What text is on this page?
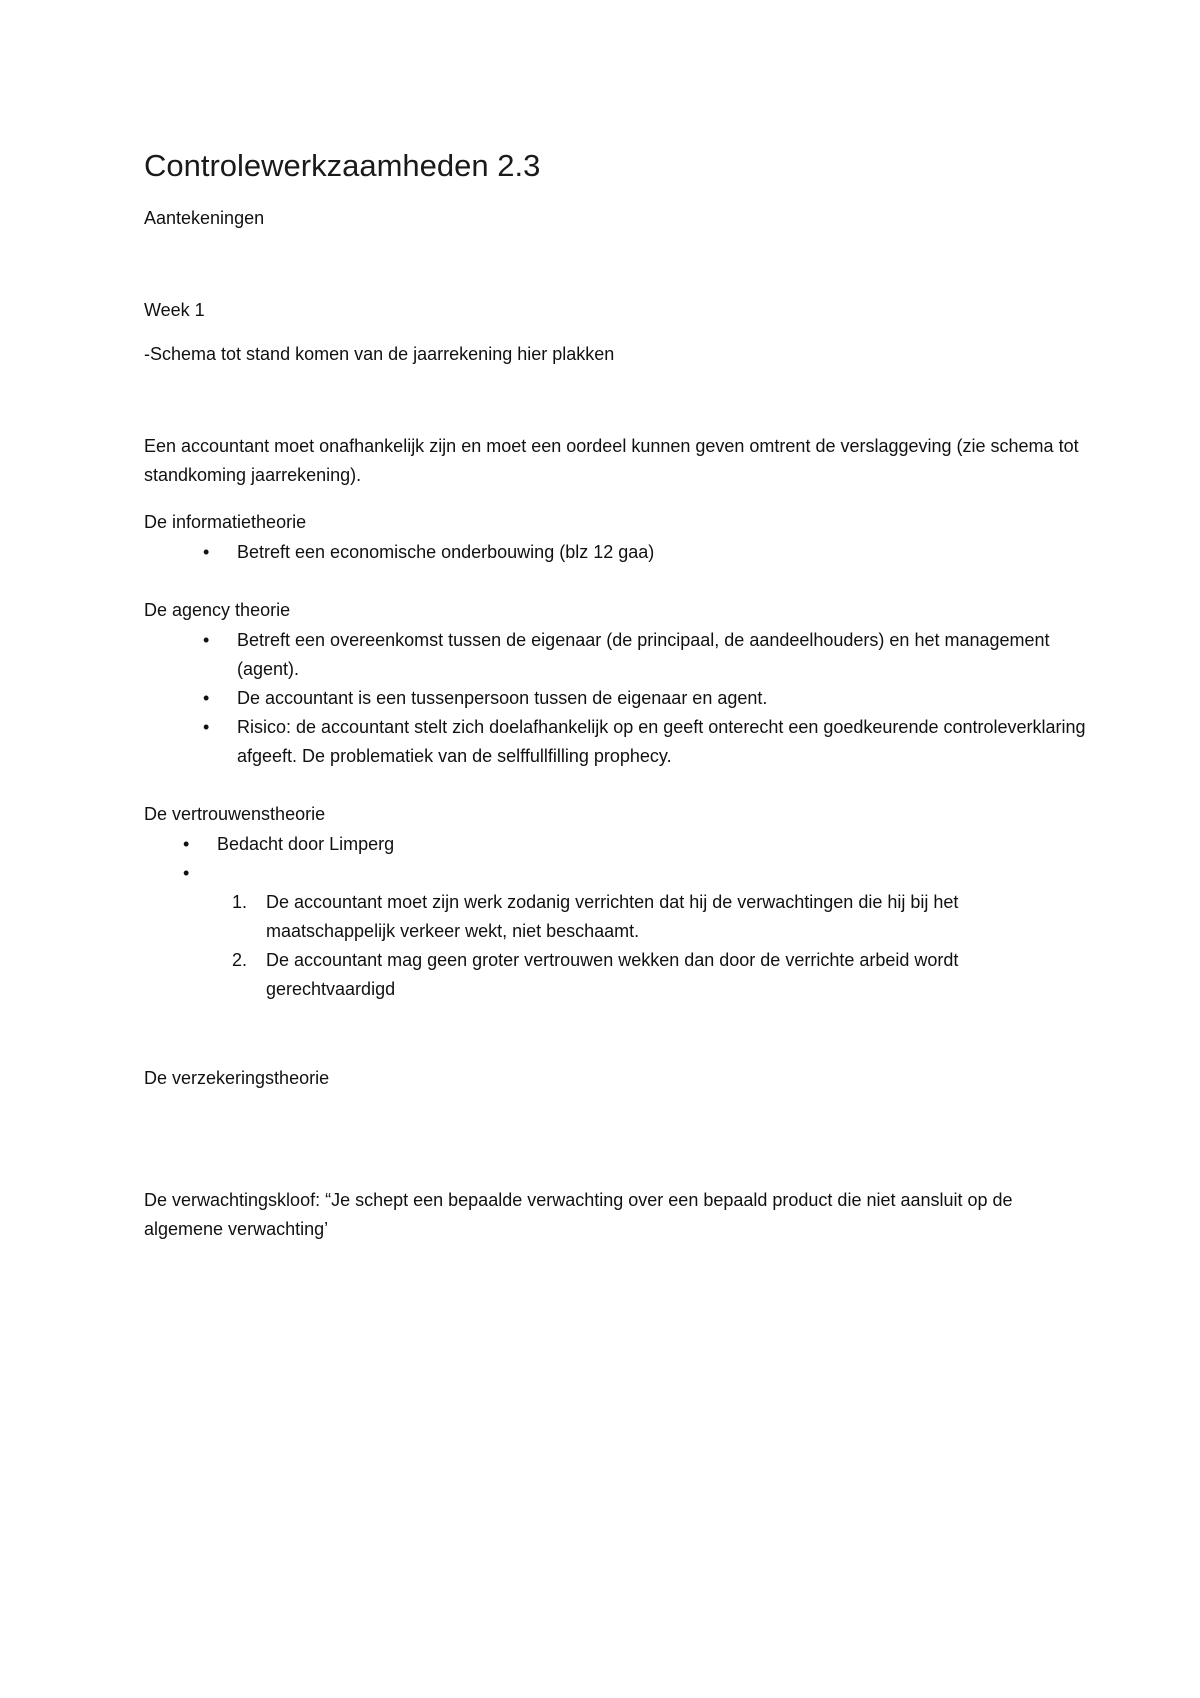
Controlewerkzaamheden 2.3
Aantekeningen
Week 1
-Schema tot stand komen van de jaarrekening hier plakken
Een accountant moet onafhankelijk zijn en moet een oordeel kunnen geven omtrent de verslaggeving (zie schema tot standkoming jaarrekening).
De informatietheorie
• Betreft een economische onderbouwing (blz 12 gaa)
De agency theorie
• Betreft een overeenkomst tussen de eigenaar (de principaal, de aandeelhouders) en het management (agent).
• De accountant is een tussenpersoon tussen de eigenaar en agent.
• Risico: de accountant stelt zich doelafhankelijk op en geeft onterecht een goedkeurende controleverklaring afgeeft. De problematiek van de selffullfilling prophecy.
De vertrouwenstheorie
• Bedacht door Limperg
•
1. De accountant moet zijn werk zodanig verrichten dat hij de verwachtingen die hij bij het maatschappelijk verkeer wekt, niet beschaamt.
2. De accountant mag geen groter vertrouwen wekken dan door de verrichte arbeid wordt gerechtvaardigd
De verzekeringstheorie
De verwachtingskloof: “Je schept een bepaalde verwachting over een bepaald product die niet aansluit op de algemene verwachting’
